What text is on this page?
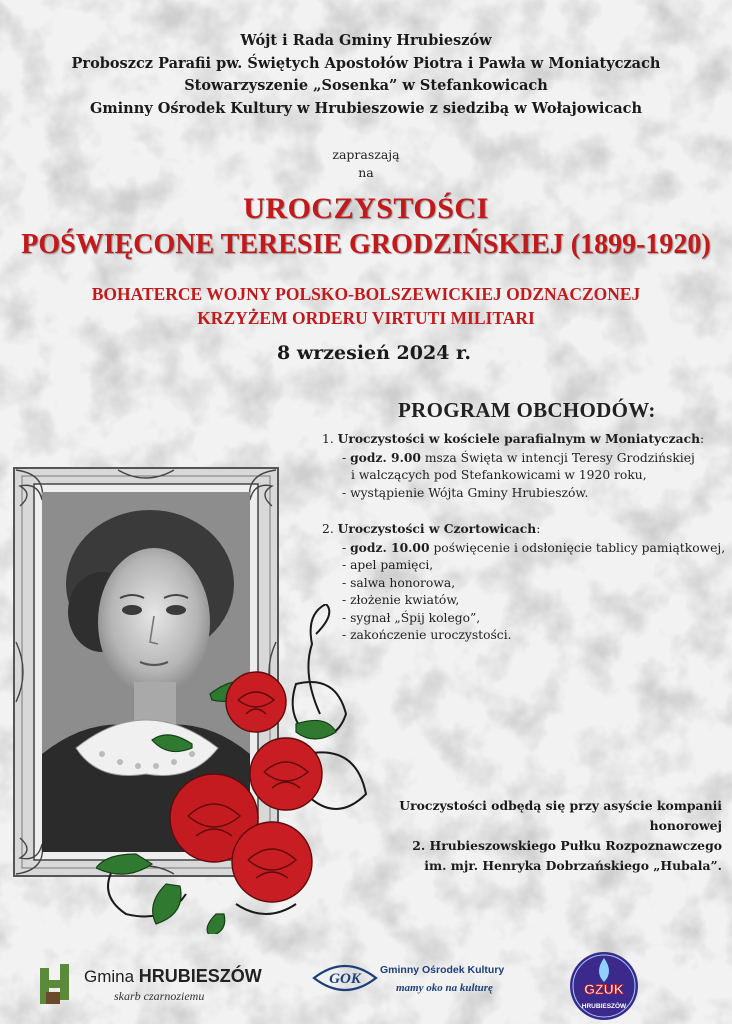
Wójt i Rada Gminy Hrubieszów
Proboszcz Parafii pw. Świętych Apostołów Piotra i Pawła w Moniatyczach
Stowarzyszenie „Sosenka” w Stefankowicach
Gminny Ośrodek Kultury w Hrubieszowie z siedzibą w Wołajowicach
zapraszają
na
UROCZYSTOŚCI
POŚWIĘCONE TERESIE GRODZIŃSKIEJ (1899-1920)
BOHATERCE WOJNY POLSKO-BOLSZEWICKIEJ ODZNACZONEJ
KRZYŻEM ORDERU VIRTUTI MILITARI
8 wrzesień 2024 r.
PROGRAM OBCHODÓW:
1. Uroczystości w kościele parafialnym w Moniatyczach:
- godz. 9.00 msza Święta w intencji Teresy Grodzińskiej
i walczących pod Stefankowicami w 1920 roku,
- wystąpienie Wójta Gminy Hrubieszów.
2. Uroczystości w Czortowicach:
- godz. 10.00 poświęcenie i odsłonięcie tablicy pamiątkowej,
- apel pamięci,
- salwa honorowa,
- złożenie kwiatów,
- sygnał „Śpij kolego”,
- zakończenie uroczystości.
Uroczystości odbędą się przy asyście kompanii honorowej
2. Hrubieszowskiego Pułku Rozpoznawczego
im. mjr. Henryka Dobrzańskiego „Hubala”.
Gmina HRUBIESZÓW
skarb czarnoziemu
GOK
Gminny Ośrodek Kultury
mamy oko na kulturę	GZUK
HRUBIESZÓW
